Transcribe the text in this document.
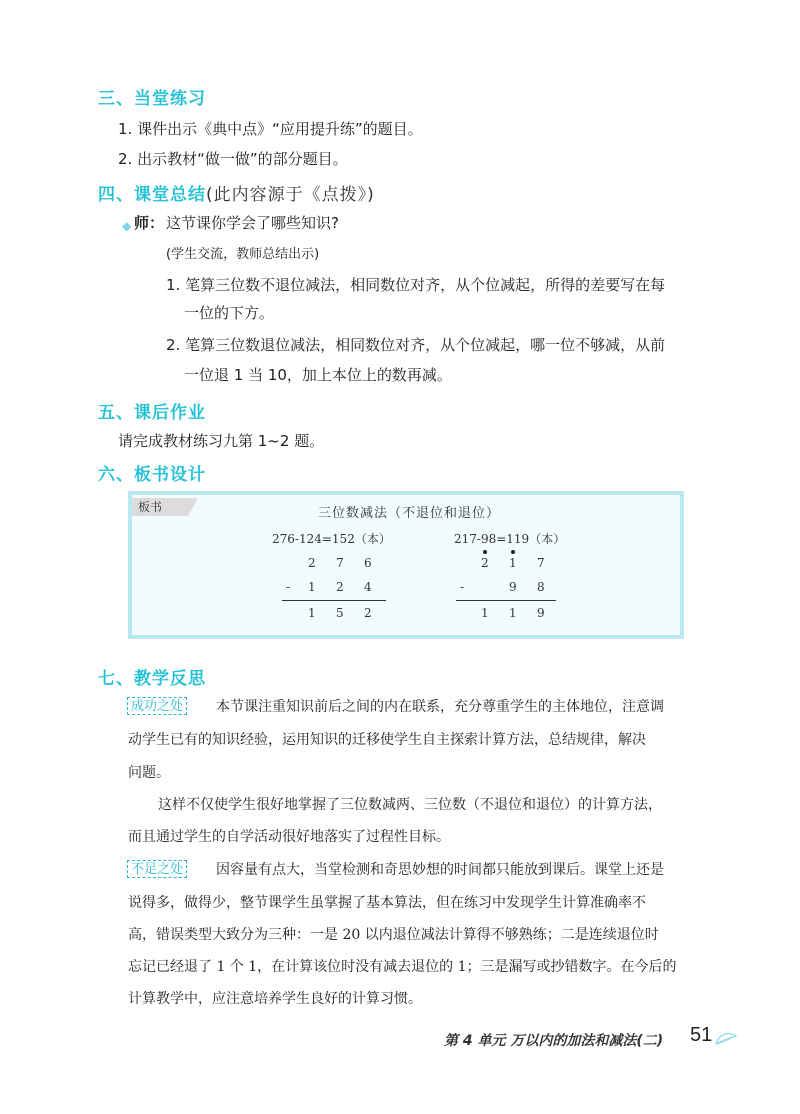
三、当堂练习
1. 课件出示《典中点》“应用提升练”的题目。
2. 出示教材“做一做”的部分题目。
四、课堂总结(此内容源于《点拨》)
◆ 师： 这节课你学会了哪些知识?
(学生交流，教师总结出示)
1. 笔算三位数不退位减法，相同数位对齐，从个位减起，所得的差要写在每
一位的下方。
2. 笔算三位数退位减法，相同数位对齐，从个位减起，哪一位不够减，从前
一位退 1 当 10，加上本位上的数再减。
五、课后作业
请完成教材练习九第 1~2 题。
六、板书设计
板书	三位数减法（不退位和退位）
276-124=152（本）
2 7 6
- 1 2 4
1 5 2
217-98=119（本）
2 1 7
-	9 8
1 1 9
七、教学反思
成功之处 本节课注重知识前后之间的内在联系，充分尊重学生的主体地位，注意调
动学生已有的知识经验，运用知识的迁移使学生自主探索计算方法，总结规律，解决
问题。
这样不仅使学生很好地掌握了三位数减两、三位数（不退位和退位）的计算方法，
而且通过学生的自学活动很好地落实了过程性目标。
不足之处 因容量有点大，当堂检测和奇思妙想的时间都只能放到课后。课堂上还是
说得多，做得少，整节课学生虽掌握了基本算法，但在练习中发现学生计算准确率不
高，错误类型大致分为三种：一是 20 以内退位减法计算得不够熟练；二是连续退位时
忘记已经退了 1 个 1，在计算该位时没有减去退位的 1；三是漏写或抄错数字。在今后的
计算教学中，应注意培养学生良好的计算习惯。
第 4 单元 万以内的加法和减法(二) 51
